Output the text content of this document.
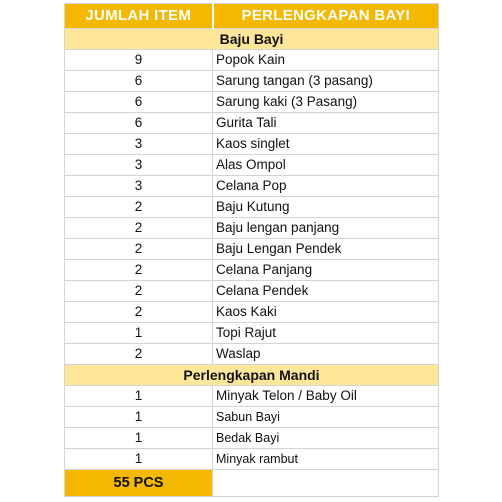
JUMLAH ITEM	PERLENGKAPAN BAYI
Baju Bayi	
9	Popok Kain
6	Sarung tangan (3 pasang)
6	Sarung kaki (3 Pasang)
6	Gurita Tali
3	Kaos singlet
3	Alas Ompol
3	Celana Pop
2	Baju Kutung
2	Baju lengan panjang
2	Baju Lengan Pendek
2	Celana Panjang
2	Celana Pendek
2	Kaos Kaki
1	Topi Rajut
2	Waslap
Perlengkapan Mandi	
1	Minyak Telon / Baby Oil
1	Sabun Bayi
1	Bedak Bayi
1	Minyak rambut
55 PCS	
